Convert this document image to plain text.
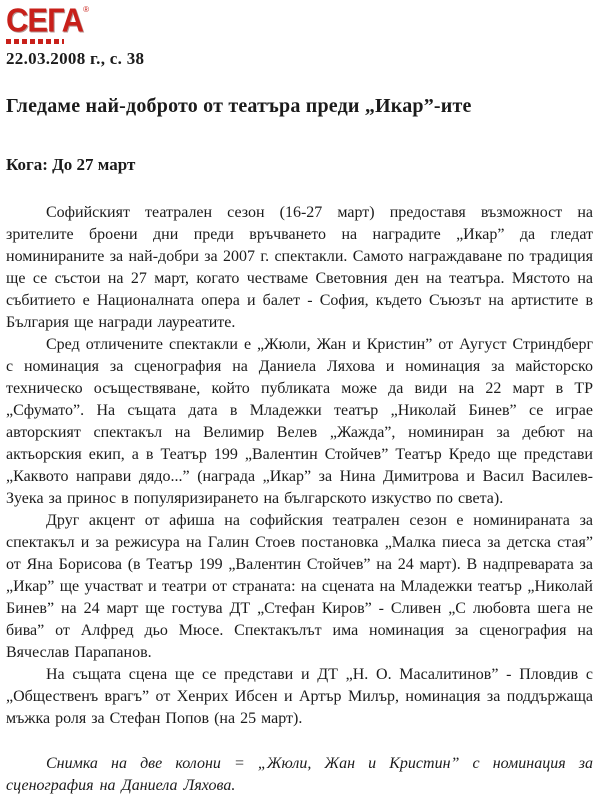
СЕГА®

22.03.2008 г., с. 38

Гледаме най-доброто от театъра преди „Икар”-ите
Кога: До 27 март

Софийският театрален сезон (16-27 март) предоставя възможност на зрителите броени дни преди връчването на наградите „Икар” да гледат номинираните за най-добри за 2007 г. спектакли. Самото награждаване по традиция ще се състои на 27 март, когато честваме Световния ден на театъра. Мястото на събитието е Националната опера и балет - София, където Съюзът на артистите в България ще награди лауреатите.

Сред отличените спектакли е „Жюли, Жан и Кристин” от Аугуст Стриндберг с номинация за сценография на Даниела Ляхова и номинация за майсторско техническо осъществяване, който публиката може да види на 22 март в ТР „Сфумато”. На същата дата в Младежки театър „Николай Бинев” се играе авторският спектакъл на Велимир Велев „Жажда”, номиниран за дебют на актьорския екип, а в Театър 199 „Валентин Стойчев” Театър Кредо ще представи „Каквото направи дядо...” (награда „Икар” за Нина Димитрова и Васил Василев-Зуека за принос в популяризирането на българското изкуство по света).

Друг акцент от афиша на софийския театрален сезон е номинираната за спектакъл и за режисура на Галин Стоев постановка „Малка пиеса за детска стая” от Яна Борисова (в Театър 199 „Валентин Стойчев” на 24 март). В надпреварата за „Икар” ще участват и театри от страната: на сцената на Младежки театър „Николай Бинев” на 24 март ще гостува ДТ „Стефан Киров” - Сливен „С любовта шега не бива” от Алфред дьо Мюсе. Спектакълът има номинация за сценография на Вячеслав Парапанов.

На същата сцена ще се представи и ДТ „Н. О. Масалитинов” - Пловдив с „Общественъ врагъ” от Хенрих Ибсен и Артър Милър, номинация за поддържаща мъжка роля за Стефан Попов (на 25 март).

Снимка на две колони = „Жюли, Жан и Кристин” с номинация за сценография на Даниела Ляхова.
